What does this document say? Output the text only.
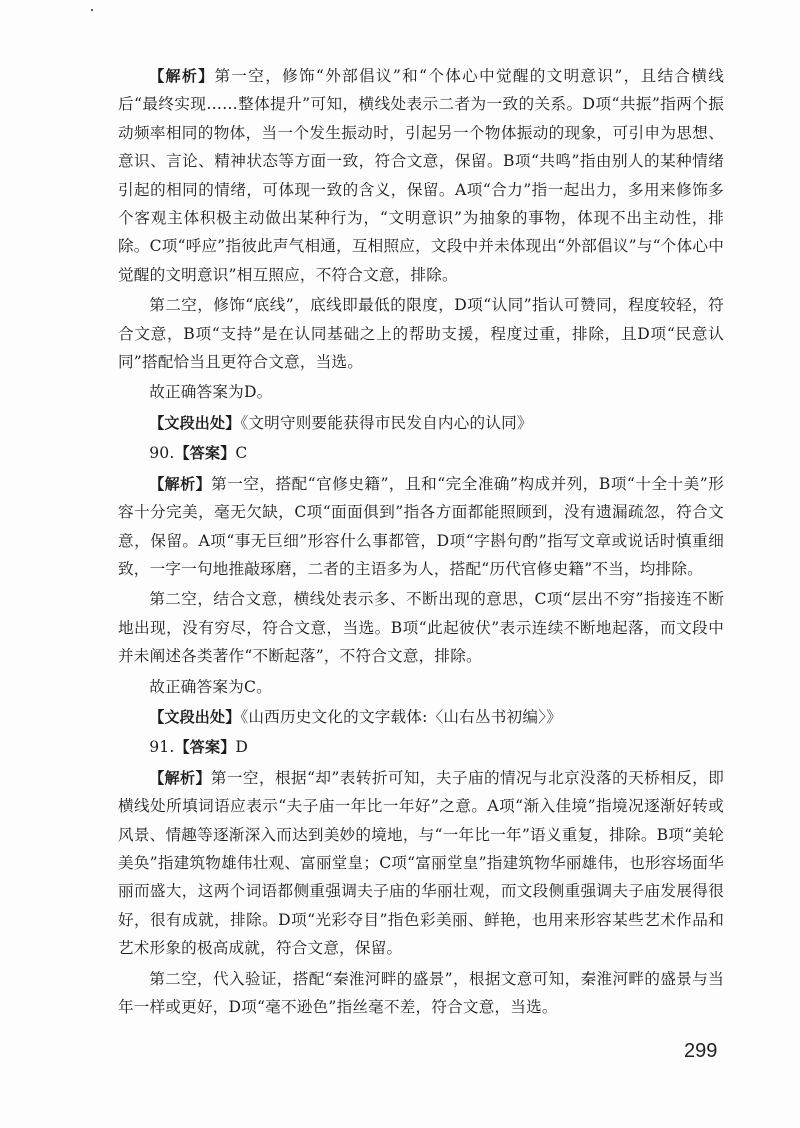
【解析】第一空，修饰“外部倡议”和“个体心中觉醒的文明意识”，且结合横线后“最终实现……整体提升”可知，横线处表示二者为一致的关系。D项“共振”指两个振动频率相同的物体，当一个发生振动时，引起另一个物体振动的现象，可引申为思想、意识、言论、精神状态等方面一致，符合文意，保留。B项“共鸣”指由别人的某种情绪引起的相同的情绪，可体现一致的含义，保留。A项“合力”指一起出力，多用来修饰多个客观主体积极主动做出某种行为，“文明意识”为抽象的事物，体现不出主动性，排除。C项“呼应”指彼此声气相通，互相照应，文段中并未体现出“外部倡议”与“个体心中觉醒的文明意识”相互照应，不符合文意，排除。

第二空，修饰“底线”，底线即最低的限度，D项“认同”指认可赞同，程度较轻，符合文意，B项“支持”是在认同基础之上的帮助支援，程度过重，排除，且D项“民意认同”搭配恰当且更符合文意，当选。

故正确答案为D。

【文段出处】《文明守则要能获得市民发自内心的认同》

90.【答案】C

【解析】第一空，搭配“官修史籍”，且和“完全准确”构成并列，B项“十全十美”形容十分完美，毫无欠缺，C项“面面俱到”指各方面都能照顾到，没有遗漏疏忽，符合文意，保留。A项“事无巨细”形容什么事都管，D项“字斟句酌”指写文章或说话时慎重细致，一字一句地推敲琢磨，二者的主语多为人，搭配“历代官修史籍”不当，均排除。

第二空，结合文意，横线处表示多、不断出现的意思，C项“层出不穷”指接连不断地出现，没有穷尽，符合文意，当选。B项“此起彼伏”表示连续不断地起落，而文段中并未阐述各类著作“不断起落”，不符合文意，排除。

故正确答案为C。

【文段出处】《山西历史文化的文字载体:〈山右丛书初编〉》

91.【答案】D

【解析】第一空，根据“却”表转折可知，夫子庙的情况与北京没落的天桥相反，即横线处所填词语应表示“夫子庙一年比一年好”之意。A项“渐入佳境”指境况逐渐好转或风景、情趣等逐渐深入而达到美妙的境地，与“一年比一年”语义重复，排除。B项“美轮美奂”指建筑物雄伟壮观、富丽堂皇；C项“富丽堂皇”指建筑物华丽雄伟，也形容场面华丽而盛大，这两个词语都侧重强调夫子庙的华丽壮观，而文段侧重强调夫子庙发展得很好，很有成就，排除。D项“光彩夺目”指色彩美丽、鲜艳，也用来形容某些艺术作品和艺术形象的极高成就，符合文意，保留。

第二空，代入验证，搭配“秦淮河畔的盛景”，根据文意可知，秦淮河畔的盛景与当年一样或更好，D项“毫不逊色”指丝毫不差，符合文意，当选。

299
